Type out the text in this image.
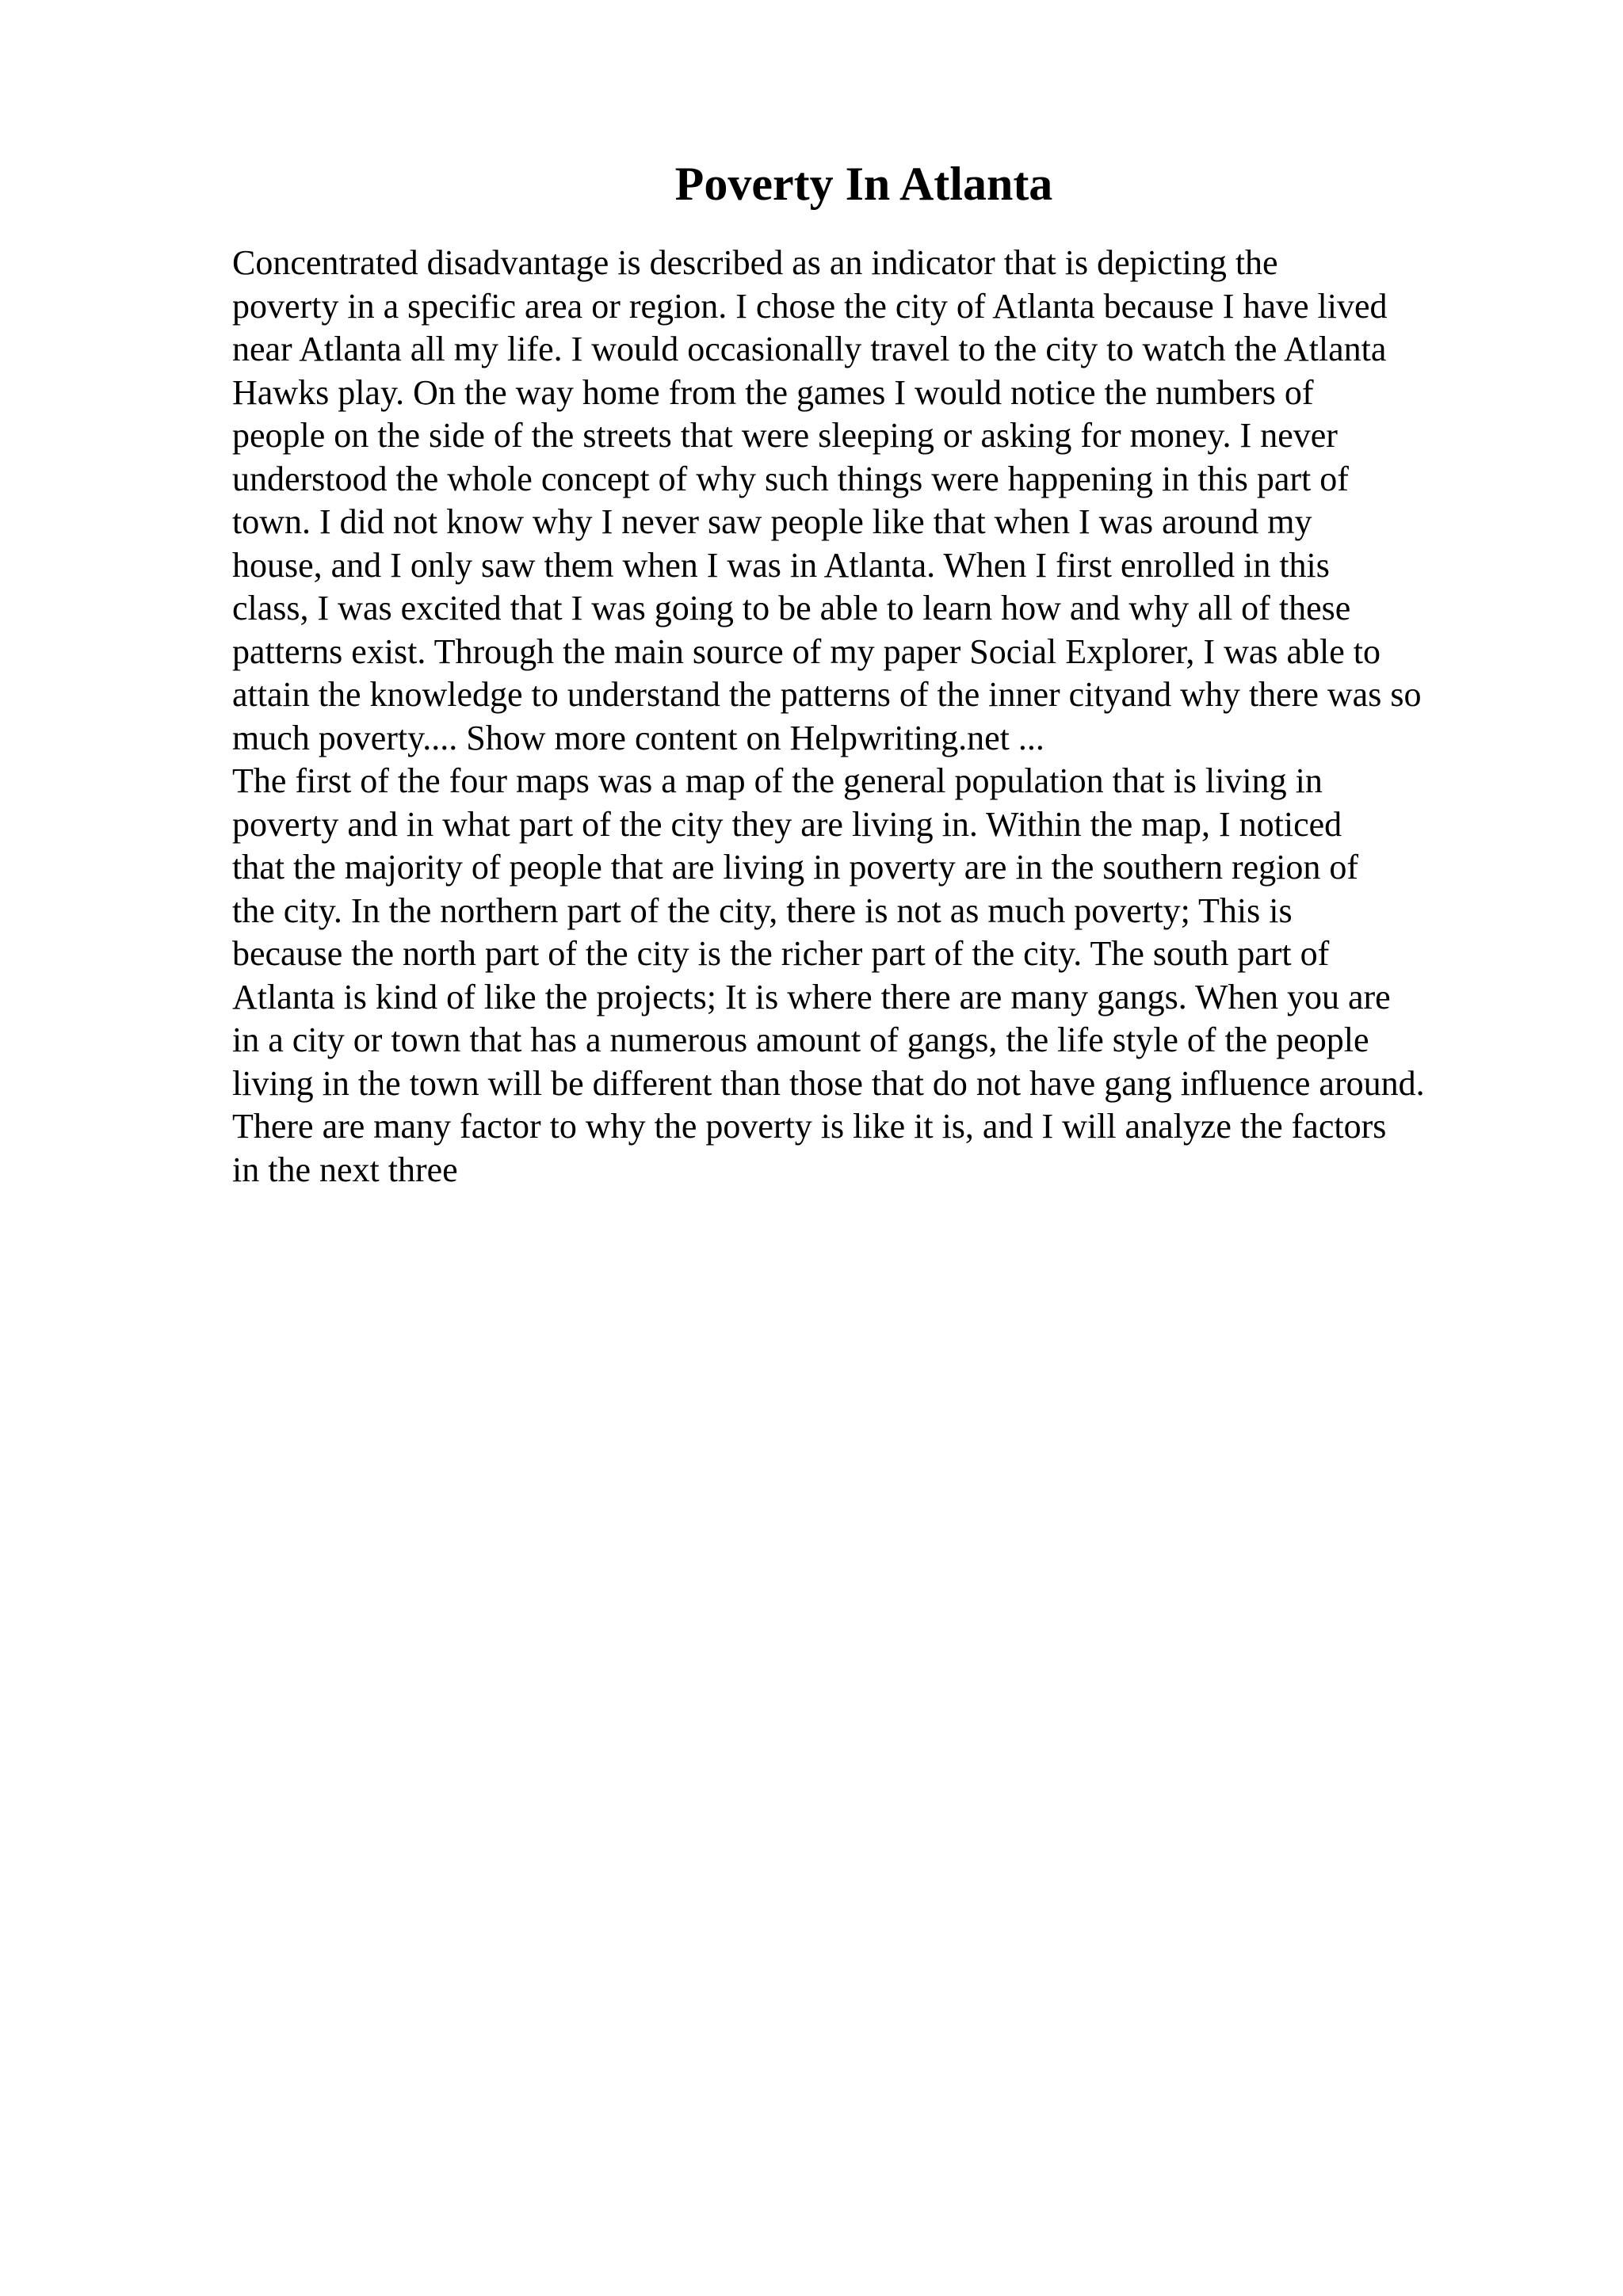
Poverty In Atlanta
Concentrated disadvantage is described as an indicator that is depicting the
poverty in a specific area or region. I chose the city of Atlanta because I have lived
near Atlanta all my life. I would occasionally travel to the city to watch the Atlanta
Hawks play. On the way home from the games I would notice the numbers of
people on the side of the streets that were sleeping or asking for money. I never
understood the whole concept of why such things were happening in this part of
town. I did not know why I never saw people like that when I was around my
house, and I only saw them when I was in Atlanta. When I first enrolled in this
class, I was excited that I was going to be able to learn how and why all of these
patterns exist. Through the main source of my paper Social Explorer, I was able to
attain the knowledge to understand the patterns of the inner cityand why there was so
much poverty.... Show more content on Helpwriting.net ...
The first of the four maps was a map of the general population that is living in
poverty and in what part of the city they are living in. Within the map, I noticed
that the majority of people that are living in poverty are in the southern region of
the city. In the northern part of the city, there is not as much poverty; This is
because the north part of the city is the richer part of the city. The south part of
Atlanta is kind of like the projects; It is where there are many gangs. When you are
in a city or town that has a numerous amount of gangs, the life style of the people
living in the town will be different than those that do not have gang influence around.
There are many factor to why the poverty is like it is, and I will analyze the factors
in the next three
